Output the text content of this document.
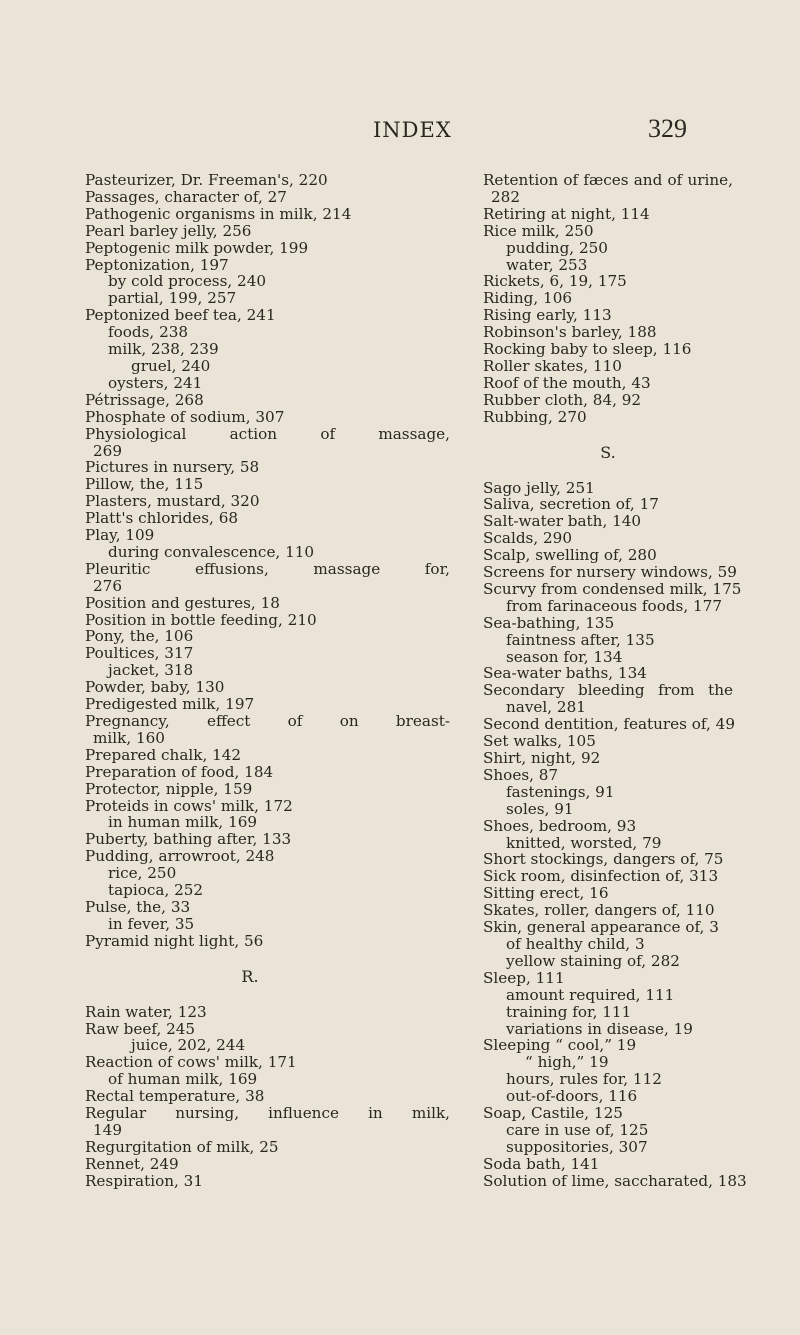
INDEX	329
Pasteurizer, Dr. Freeman's, 220
Passages, character of, 27
Pathogenic organisms in milk, 214
Pearl barley jelly, 256
Peptogenic milk powder, 199
Peptonization, 197
by cold process, 240
partial, 199, 257
Peptonized beef tea, 241
foods, 238
milk, 238, 239
gruel, 240
oysters, 241
Pétrissage, 268
Phosphate of sodium, 307
Physiological action of massage,
269
Pictures in nursery, 58
Pillow, the, 115
Plasters, mustard, 320
Platt's chlorides, 68
Play, 109
during convalescence, 110
Pleuritic effusions, massage for,
276
Position and gestures, 18
Position in bottle feeding, 210
Pony, the, 106
Poultices, 317
jacket, 318
Powder, baby, 130
Predigested milk, 197
Pregnancy, effect of on breast-
milk, 160
Prepared chalk, 142
Preparation of food, 184
Protector, nipple, 159
Proteids in cows' milk, 172
in human milk, 169
Puberty, bathing after, 133
Pudding, arrowroot, 248
rice, 250
tapioca, 252
Pulse, the, 33
in fever, 35
Pyramid night light, 56
R.
Rain water, 123
Raw beef, 245
juice, 202, 244
Reaction of cows' milk, 171
of human milk, 169
Rectal temperature, 38
Regular nursing, influence in milk,
149
Regurgitation of milk, 25
Rennet, 249
Respiration, 31
Retention of fæces and of urine,
282
Retiring at night, 114
Rice milk, 250
pudding, 250
water, 253
Rickets, 6, 19, 175
Riding, 106
Rising early, 113
Robinson's barley, 188
Rocking baby to sleep, 116
Roller skates, 110
Roof of the mouth, 43
Rubber cloth, 84, 92
Rubbing, 270
S.
Sago jelly, 251
Saliva, secretion of, 17
Salt-water bath, 140
Scalds, 290
Scalp, swelling of, 280
Screens for nursery windows, 59
Scurvy from condensed milk, 175
from farinaceous foods, 177
Sea-bathing, 135
faintness after, 135
season for, 134
Sea-water baths, 134
Secondary bleeding from the
navel, 281
Second dentition, features of, 49
Set walks, 105
Shirt, night, 92
Shoes, 87
fastenings, 91
soles, 91
Shoes, bedroom, 93
knitted, worsted, 79
Short stockings, dangers of, 75
Sick room, disinfection of, 313
Sitting erect, 16
Skates, roller, dangers of, 110
Skin, general appearance of, 3
of healthy child, 3
yellow staining of, 282
Sleep, 111
amount required, 111
training for, 111
variations in disease, 19
Sleeping “ cool,” 19
“ high,” 19
hours, rules for, 112
out-of-doors, 116
Soap, Castile, 125
care in use of, 125
suppositories, 307
Soda bath, 141
Solution of lime, saccharated, 183
